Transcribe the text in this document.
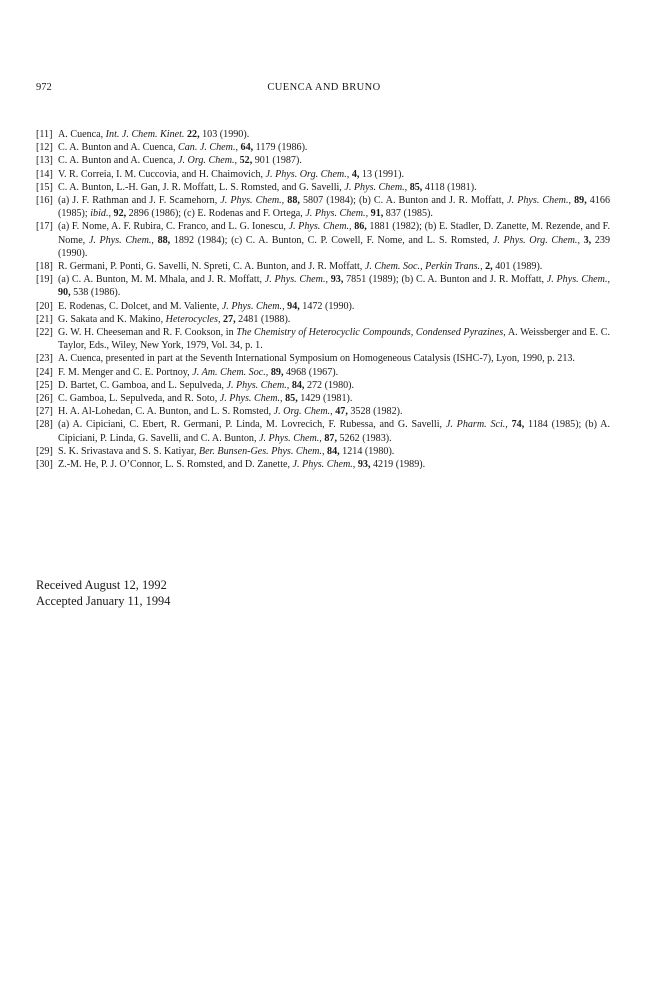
972	CUENCA AND BRUNO
[11] A. Cuenca, Int. J. Chem. Kinet. 22, 103 (1990).
[12] C. A. Bunton and A. Cuenca, Can. J. Chem., 64, 1179 (1986).
[13] C. A. Bunton and A. Cuenca, J. Org. Chem., 52, 901 (1987).
[14] V. R. Correia, I. M. Cuccovia, and H. Chaimovich, J. Phys. Org. Chem., 4, 13 (1991).
[15] C. A. Bunton, L.-H. Gan, J. R. Moffatt, L. S. Romsted, and G. Savelli, J. Phys. Chem., 85, 4118 (1981).
[16] (a) J. F. Rathman and J. F. Scamehorn, J. Phys. Chem., 88, 5807 (1984); (b) C. A. Bunton and J. R. Moffatt, J. Phys. Chem., 89, 4166 (1985); ibid., 92, 2896 (1986); (c) E. Rodenas and F. Ortega, J. Phys. Chem., 91, 837 (1985).
[17] (a) F. Nome, A. F. Rubira, C. Franco, and L. G. Ionescu, J. Phys. Chem., 86, 1881 (1982); (b) E. Stadler, D. Zanette, M. Rezende, and F. Nome, J. Phys. Chem., 88, 1892 (1984); (c) C. A. Bunton, C. P. Cowell, F. Nome, and L. S. Romsted, J. Phys. Org. Chem., 3, 239 (1990).
[18] R. Germani, P. Ponti, G. Savelli, N. Spreti, C. A. Bunton, and J. R. Moffatt, J. Chem. Soc., Perkin Trans., 2, 401 (1989).
[19] (a) C. A. Bunton, M. M. Mhala, and J. R. Moffatt, J. Phys. Chem., 93, 7851 (1989); (b) C. A. Bunton and J. R. Moffatt, J. Phys. Chem., 90, 538 (1986).
[20] E. Rodenas, C. Dolcet, and M. Valiente, J. Phys. Chem., 94, 1472 (1990).
[21] G. Sakata and K. Makino, Heterocycles, 27, 2481 (1988).
[22] G. W. H. Cheeseman and R. F. Cookson, in The Chemistry of Heterocyclic Compounds, Condensed Pyrazines, A. Weissberger and E. C. Taylor, Eds., Wiley, New York, 1979, Vol. 34, p. 1.
[23] A. Cuenca, presented in part at the Seventh International Symposium on Homogeneous Catalysis (ISHC-7), Lyon, 1990, p. 213.
[24] F. M. Menger and C. E. Portnoy, J. Am. Chem. Soc., 89, 4968 (1967).
[25] D. Bartet, C. Gamboa, and L. Sepulveda, J. Phys. Chem., 84, 272 (1980).
[26] C. Gamboa, L. Sepulveda, and R. Soto, J. Phys. Chem., 85, 1429 (1981).
[27] H. A. Al-Lohedan, C. A. Bunton, and L. S. Romsted, J. Org. Chem., 47, 3528 (1982).
[28] (a) A. Cipiciani, C. Ebert, R. Germani, P. Linda, M. Lovrecich, F. Rubessa, and G. Savelli, J. Pharm. Sci., 74, 1184 (1985); (b) A. Cipiciani, P. Linda, G. Savelli, and C. A. Bunton, J. Phys. Chem., 87, 5262 (1983).
[29] S. K. Srivastava and S. S. Katiyar, Ber. Bunsen-Ges. Phys. Chem., 84, 1214 (1980).
[30] Z.-M. He, P. J. O’Connor, L. S. Romsted, and D. Zanette, J. Phys. Chem., 93, 4219 (1989).
Received August 12, 1992
Accepted January 11, 1994
